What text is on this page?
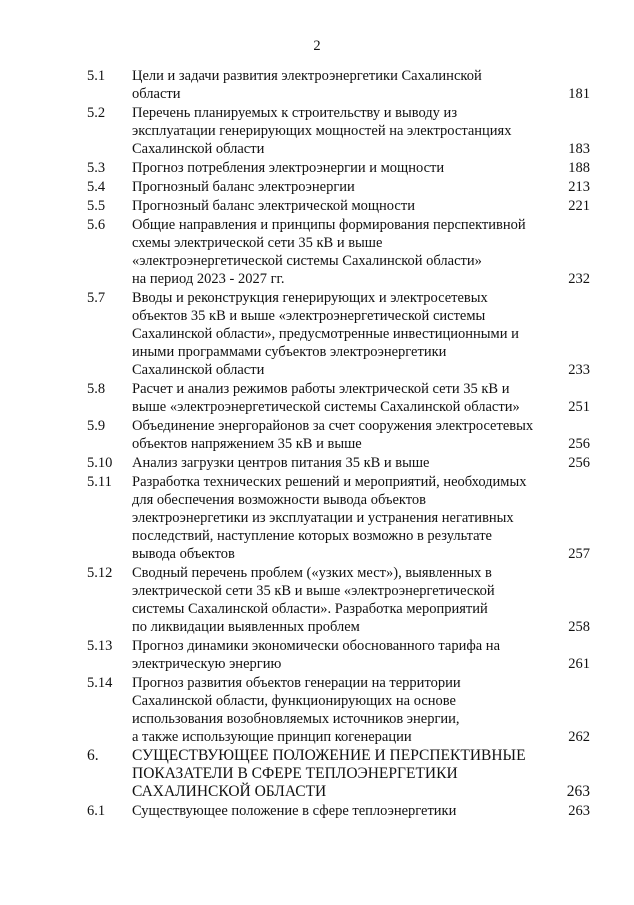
2
5.1 Цели и задачи развития электроэнергетики Сахалинской
области	181
5.2 Перечень планируемых к строительству и выводу из
эксплуатации генерирующих мощностей на электростанциях
Сахалинской области	183
5.3 Прогноз потребления электроэнергии и мощности	188
5.4 Прогнозный баланс электроэнергии	213
5.5 Прогнозный баланс электрической мощности	221
5.6 Общие направления и принципы формирования перспективной
схемы электрической сети 35 кВ и выше
«электроэнергетической системы Сахалинской области»
на период 2023 - 2027 гг.	232
5.7 Вводы и реконструкция генерирующих и электросетевых
объектов 35 кВ и выше «электроэнергетической системы
Сахалинской области», предусмотренные инвестиционными и
иными программами субъектов электроэнергетики
Сахалинской области	233
5.8 Расчет и анализ режимов работы электрической сети 35 кВ и
выше «электроэнергетической системы Сахалинской области»	251
5.9 Объединение энергорайонов за счет сооружения электросетевых
объектов напряжением 35 кВ и выше	256
5.10 Анализ загрузки центров питания 35 кВ и выше	256
5.11 Разработка технических решений и мероприятий, необходимых
для обеспечения возможности вывода объектов
электроэнергетики из эксплуатации и устранения негативных
последствий, наступление которых возможно в результате
вывода объектов	257
5.12 Сводный перечень проблем («узких мест»), выявленных в
электрической сети 35 кВ и выше «электроэнергетической
системы Сахалинской области». Разработка мероприятий
по ликвидации выявленных проблем	258
5.13 Прогноз динамики экономически обоснованного тарифа на
электрическую энергию	261
5.14 Прогноз развития объектов генерации на территории
Сахалинской области, функционирующих на основе
использования возобновляемых источников энергии,
а также использующие принцип когенерации	262
6. СУЩЕСТВУЮЩЕЕ ПОЛОЖЕНИЕ И ПЕРСПЕКТИВНЫЕ
ПОКАЗАТЕЛИ В СФЕРЕ ТЕПЛОЭНЕРГЕТИКИ
САХАЛИНСКОЙ ОБЛАСТИ	263
6.1 Существующее положение в сфере теплоэнергетики	263
